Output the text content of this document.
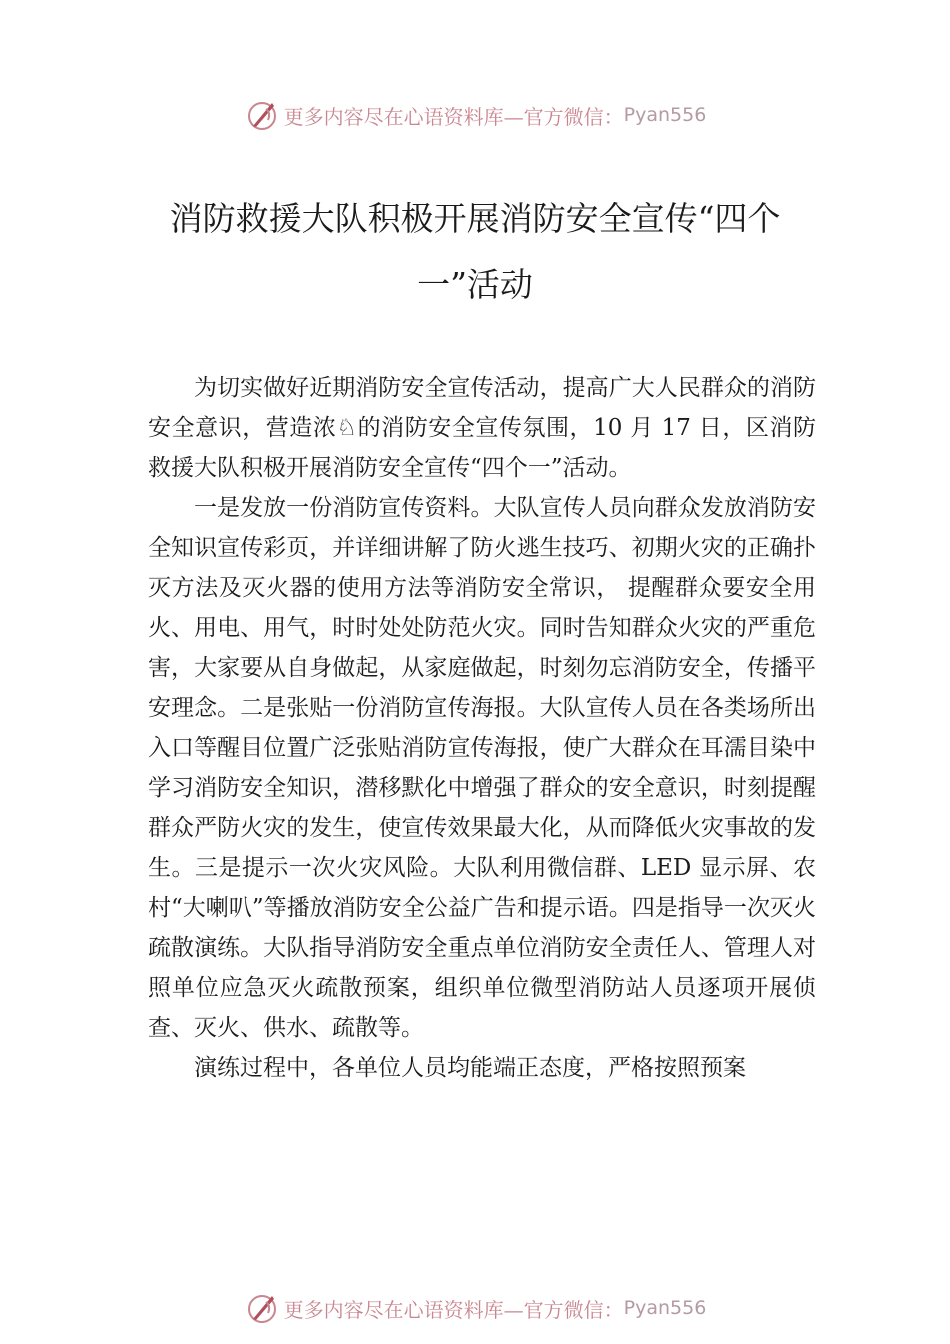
更多内容尽在心语资料库—官方微信： Pyan556
消防救援大队积极开展消防安全宣传“四个一”活动

为切实做好近期消防安全宣传活动，提高广大人民群众的消防安全意识，营造浓♘的消防安全宣传氛围，10 月 17 日，区消防救援大队积极开展消防安全宣传“四个一”活动。

一是发放一份消防宣传资料。大队宣传人员向群众发放消防安全知识宣传彩页，并详细讲解了防火逃生技巧、初期火灾的正确扑灭方法及灭火器的使用方法等消防安全常识， 提醒群众要安全用火、用电、用气，时时处处防范火灾。同时告知群众火灾的严重危害，大家要从自身做起，从家庭做起，时刻勿忘消防安全，传播平安理念。二是张贴一份消防宣传海报。大队宣传人员在各类场所出入口等醒目位置广泛张贴消防宣传海报，使广大群众在耳濡目染中学习消防安全知识，潜移默化中增强了群众的安全意识，时刻提醒群众严防火灾的发生，使宣传效果最大化，从而降低火灾事故的发生。三是提示一次火灾风险。大队利用微信群、LED 显示屏、农村“大喇叭”等播放消防安全公益广告和提示语。四是指导一次灭火疏散演练。大队指导消防安全重点单位消防安全责任人、管理人对照单位应急灭火疏散预案，组织单位微型消防站人员逐项开展侦查、灭火、供水、疏散等。

演练过程中，各单位人员均能端正态度，严格按照预案

更多内容尽在心语资料库—官方微信： Pyan556
